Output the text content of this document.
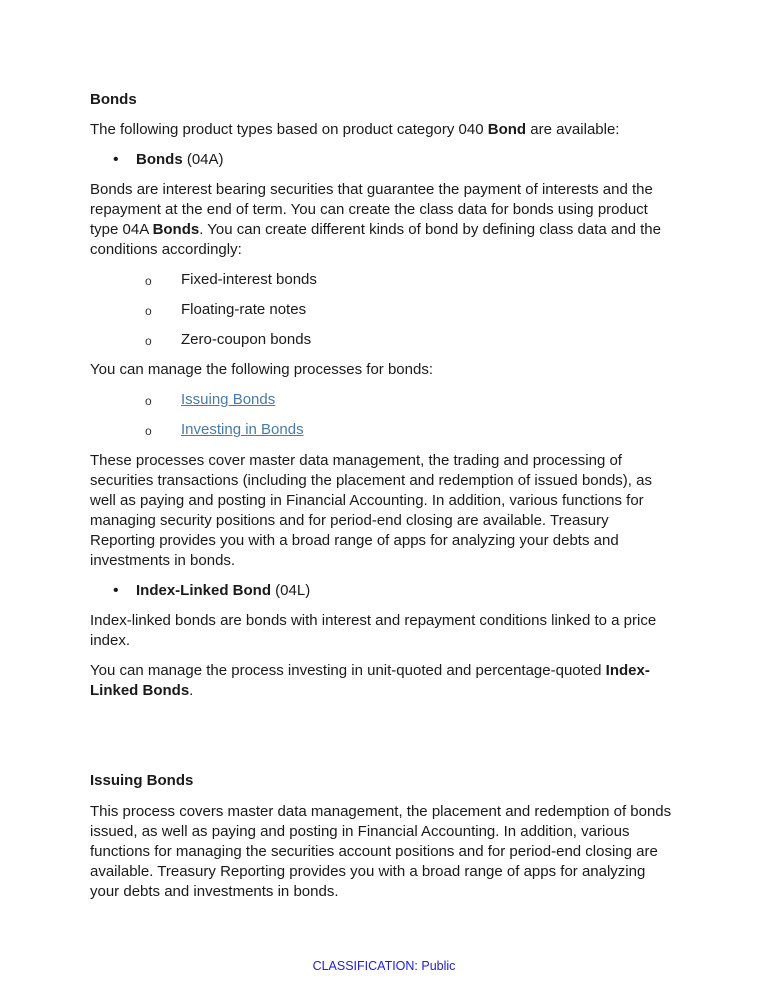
Bonds
The following product types based on product category 040 Bond are available:
• Bonds (04A)
Bonds are interest bearing securities that guarantee the payment of interests and the
repayment at the end of term. You can create the class data for bonds using product
type 04A Bonds. You can create different kinds of bond by defining class data and the
conditions accordingly:
o Fixed-interest bonds
o Floating-rate notes
o Zero-coupon bonds
You can manage the following processes for bonds:
o Issuing Bonds
o Investing in Bonds
These processes cover master data management, the trading and processing of
securities transactions (including the placement and redemption of issued bonds), as
well as paying and posting in Financial Accounting. In addition, various functions for
managing security positions and for period-end closing are available. Treasury
Reporting provides you with a broad range of apps for analyzing your debts and
investments in bonds.
• Index-Linked Bond (04L)
Index-linked bonds are bonds with interest and repayment conditions linked to a price
index.
You can manage the process investing in unit-quoted and percentage-quoted Index-
Linked Bonds.
Issuing Bonds
This process covers master data management, the placement and redemption of bonds
issued, as well as paying and posting in Financial Accounting. In addition, various
functions for managing the securities account positions and for period-end closing are
available. Treasury Reporting provides you with a broad range of apps for analyzing
your debts and investments in bonds.
CLASSIFICATION: Public
